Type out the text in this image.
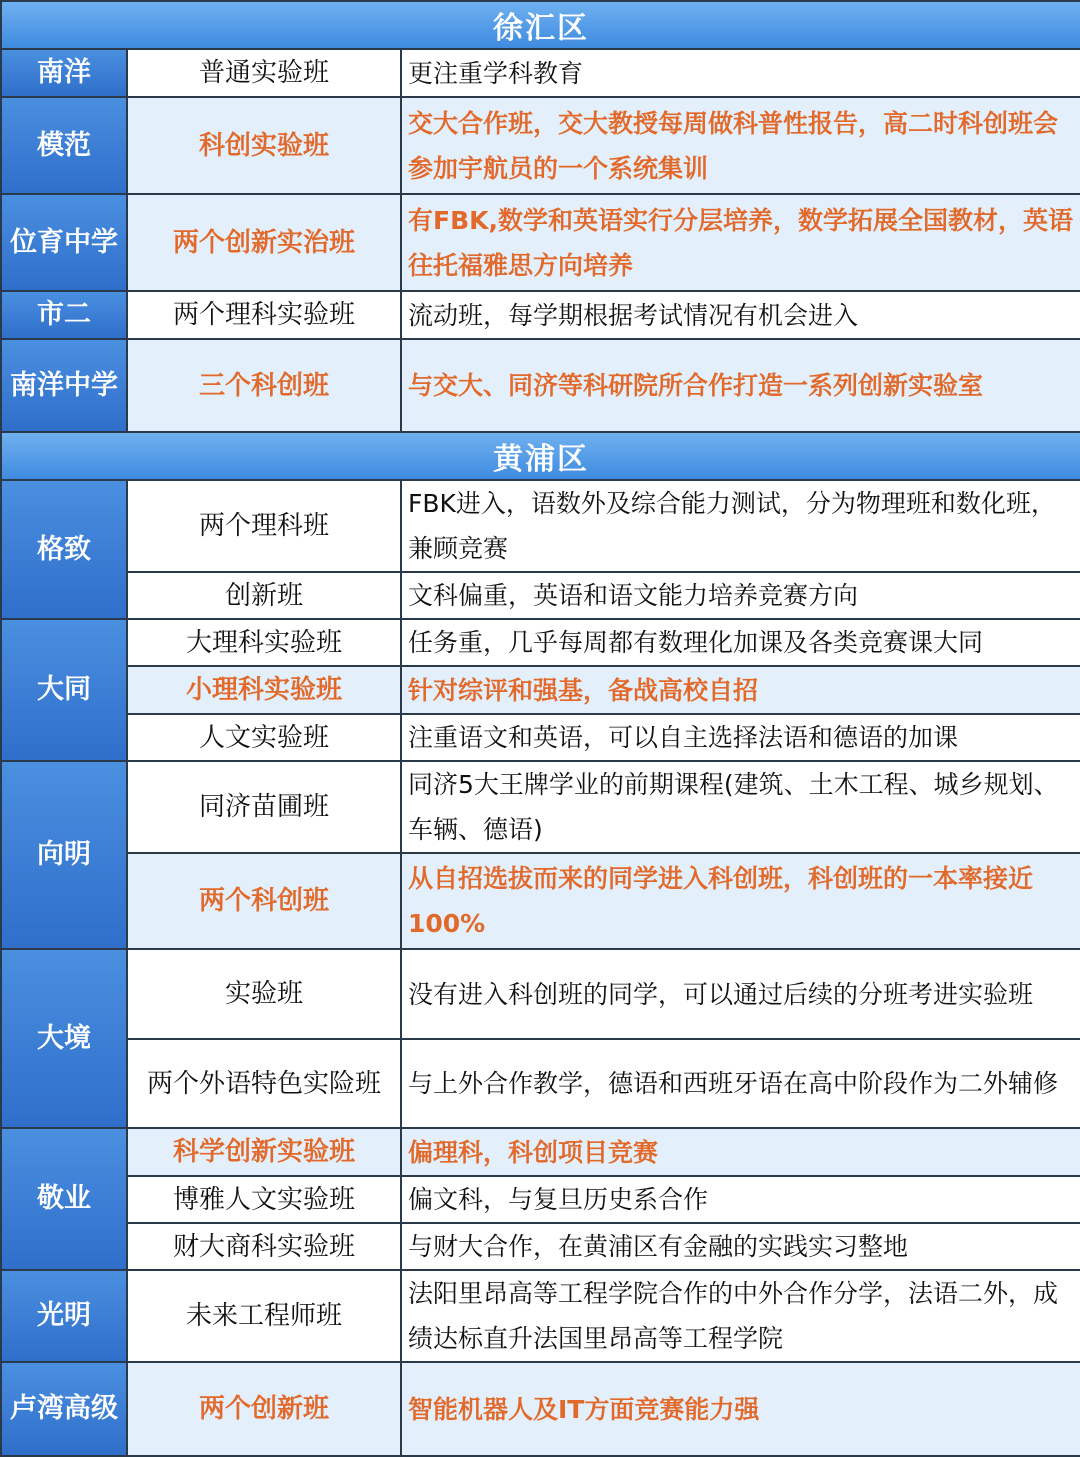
徐汇区		
南洋	普通实验班	更注重学科教育
模范	科创实验班	交大合作班，交大教授每周做科普性报告，高二时科创班会参加宇航员的一个系统集训
位育中学	两个创新实治班	有FBK,数学和英语实行分层培养，数学拓展全国教材，英语往托福雅思方向培养
市二	两个理科实验班	流动班，每学期根据考试情况有机会进入
南洋中学	三个科创班	与交大、同济等科研院所合作打造一系列创新实验室
黄浦区		
格致	两个理科班	FBK进入，语数外及综合能力测试，分为物理班和数化班，兼顾竞赛
	创新班	文科偏重，英语和语文能力培养竞赛方向
大同	大理科实验班	任务重，几乎每周都有数理化加课及各类竞赛课大同
	小理科实验班	针对综评和强基，备战高校自招
	人文实验班	注重语文和英语，可以自主选择法语和德语的加课
向明	同济苗圃班	同济5大王牌学业的前期课程(建筑、土木工程、城乡规划、车辆、德语)
	两个科创班	从自招选拔而来的同学进入科创班，科创班的一本率接近100%
大境	实验班	没有进入科创班的同学，可以通过后续的分班考进实验班
	两个外语特色实险班	与上外合作教学，德语和西班牙语在高中阶段作为二外辅修
敬业	科学创新实验班	偏理科，科创项目竞赛
	博雅人文实验班	偏文科，与复旦历史系合作
	财大商科实验班	与财大合作，在黄浦区有金融的实践实习整地
光明	未来工程师班	法阳里昂高等工程学院合作的中外合作分学，法语二外，成绩达标直升法国里昂高等工程学院
卢湾高级	两个创新班	智能机器人及IT方面竞赛能力强
